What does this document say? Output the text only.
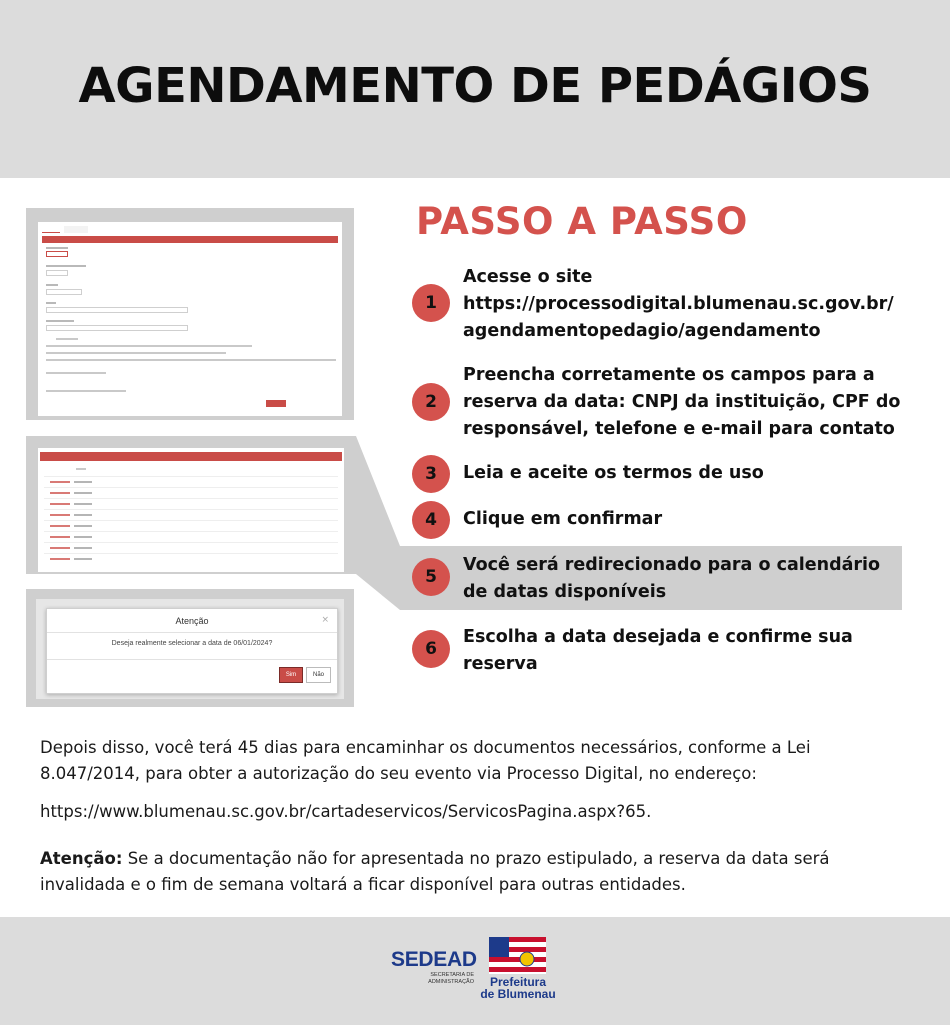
AGENDAMENTO DE PEDÁGIOS
Atenção	×
Deseja realmente selecionar a data de 06/01/2024?
Sim	Não
PASSO A PASSO
1
Acesse o site
https://processodigital.blumenau.sc.gov.br/
agendamentopedagio/agendamento
2
Preencha corretamente os campos para a
reserva da data: CNPJ da instituição, CPF do
responsável, telefone e e-mail para contato
3	Leia e aceite os termos de uso
4	Clique em confirmar
5
Você será redirecionado para o calendário
de datas disponíveis
6
Escolha a data desejada e confirme sua
reserva
Depois disso, você terá 45 dias para encaminhar os documentos necessários, conforme a Lei
8.047/2014, para obter a autorização do seu evento via Processo Digital, no endereço:
https://www.blumenau.sc.gov.br/cartadeservicos/ServicosPagina.aspx?65.
Atenção: Se a documentação não for apresentada no prazo estipulado, a reserva da data será
invalidada e o fim de semana voltará a ficar disponível para outras entidades.
SEDEAD
SECRETARIA DE
ADMINISTRAÇÃO	Prefeitura
de Blumenau
